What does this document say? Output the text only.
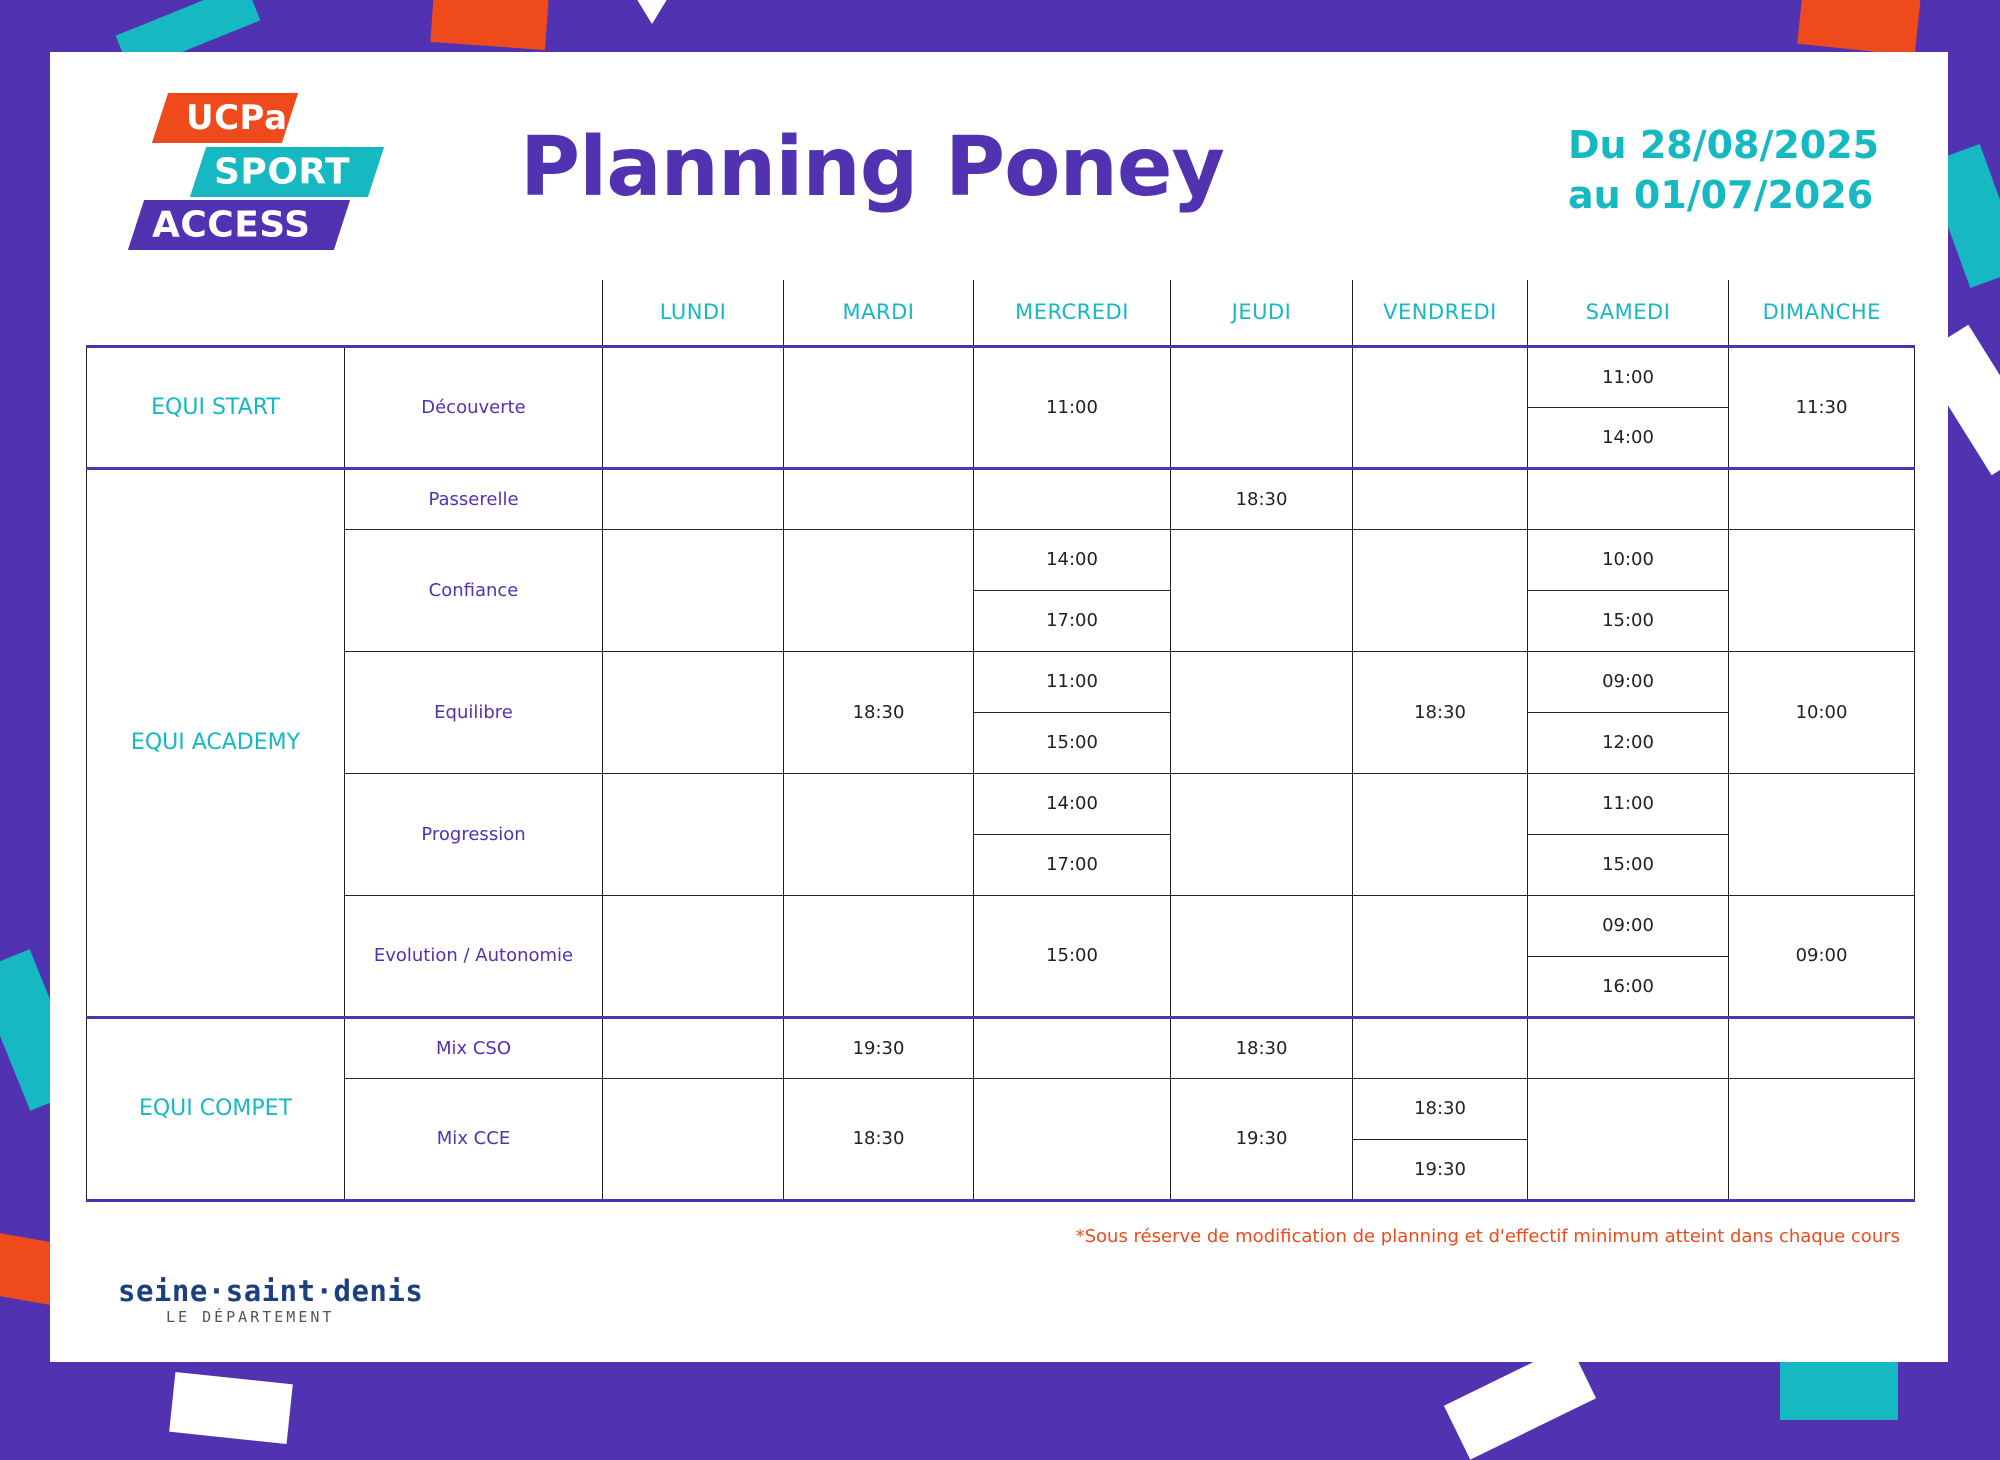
UCPa
SPORT
ACCESS
Planning Poney	Du 28/08/2025
au 01/07/2026
		LUNDI	MARDI	MERCREDI	JEUDI	VENDREDI	SAMEDI	DIMANCHE
EQUI START	Découverte			11:00			11:00	11:30
							14:00	
EQUI ACADEMY	Passerelle				18:30			
	Confiance			14:00			10:00	
				17:00			15:00	
	Equilibre		18:30	11:00		18:30	09:00	10:00
				15:00			12:00	
	Progression			14:00			11:00	
				17:00			15:00	
	Evolution / Autonomie			15:00			09:00	09:00
							16:00	
EQUI COMPET	Mix CSO		19:30		18:30			
	Mix CCE		18:30		19:30	18:30		
						19:30		
*Sous réserve de modification de planning et d'effectif minimum atteint dans chaque cours
seine·saint·denis
LE DÉPARTEMENT
